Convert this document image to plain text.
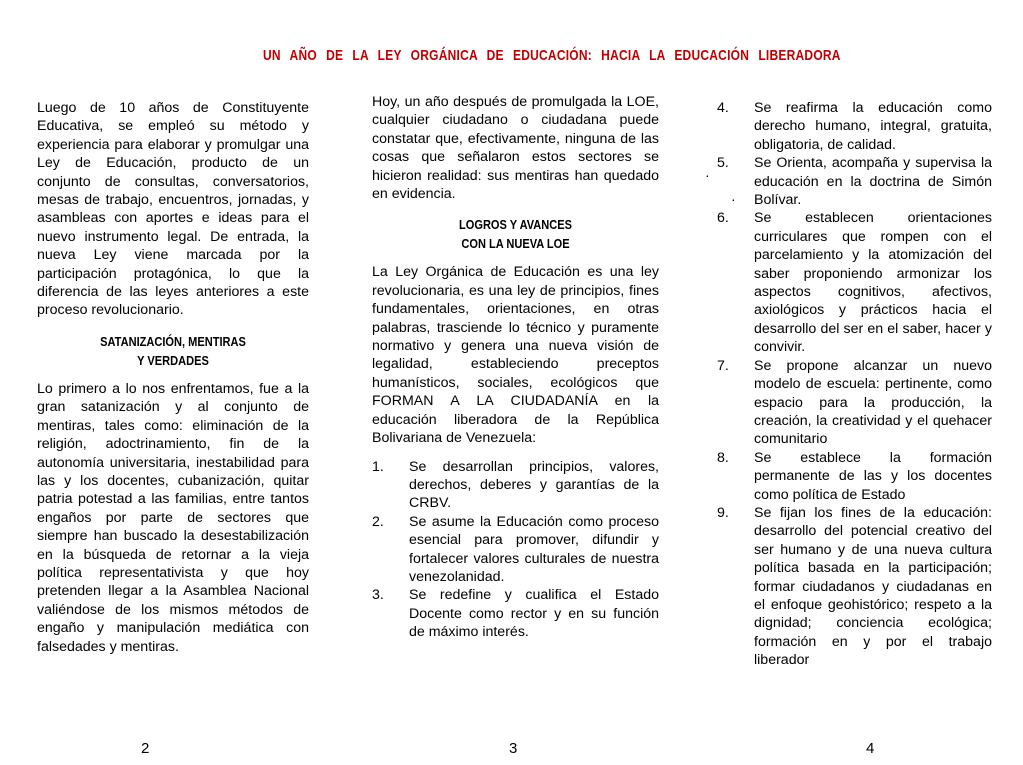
UN AÑO DE LA LEY ORGÁNICA DE EDUCACIÓN: HACIA LA EDUCACIÓN LIBERADORA

Luego de 10 años de Constituyente Educativa, se empleó su método y experiencia para elaborar y promulgar una Ley de Educación, producto de un conjunto de consultas, conversatorios, mesas de trabajo, encuentros, jornadas, y asambleas con aportes e ideas para el nuevo instrumento legal. De entrada, la nueva Ley viene marcada por la participación protagónica, lo que la diferencia de las leyes anteriores a este proceso revolucionario.

SATANIZACIÓN, MENTIRAS
Y VERDADES

Lo primero a lo nos enfrentamos, fue a la gran satanización y al conjunto de mentiras, tales como: eliminación de la religión, adoctrinamiento, fin de la autonomía universitaria, inestabilidad para las y los docentes, cubanización, quitar patria potestad a las familias, entre tantos engaños por parte de sectores que siempre han buscado la desestabilización en la búsqueda de retornar a la vieja política representativista y que hoy pretenden llegar a la Asamblea Nacional valiéndose de los mismos métodos de engaño y manipulación mediática con falsedades y mentiras.

Hoy, un año después de promulgada la LOE, cualquier ciudadano o ciudadana puede constatar que, efectivamente, ninguna de las cosas que señalaron estos sectores se hicieron realidad: sus mentiras han quedado en evidencia.

LOGROS Y AVANCES
CON LA NUEVA LOE

La Ley Orgánica de Educación es una ley revolucionaria, es una ley de principios, fines fundamentales, orientaciones, en otras palabras, trasciende lo técnico y puramente normativo y genera una nueva visión de legalidad, estableciendo preceptos humanísticos, sociales, ecológicos que FORMAN A LA CIUDADANÍA en la educación liberadora de la República Bolivariana de Venezuela:

1.	Se desarrollan principios, valores, derechos, deberes y garantías de la CRBV.
2.	Se asume la Educación como proceso esencial para promover, difundir y fortalecer valores culturales de nuestra venezolanidad.
3.	Se redefine y cualifica el Estado Docente como rector y en su función de máximo interés.
4.	Se reafirma la educación como derecho humano, integral, gratuita, obligatoria, de calidad.
5.	Se Orienta, acompaña y supervisa la educación en la doctrina de Simón Bolívar.
6.	Se establecen orientaciones curriculares que rompen con el parcelamiento y la atomización del saber proponiendo armonizar los aspectos cognitivos, afectivos, axiológicos y prácticos hacia el desarrollo del ser en el saber, hacer y convivir.
7.	Se propone alcanzar un nuevo modelo de escuela: pertinente, como espacio para la producción, la creación, la creatividad y el quehacer comunitario
8.	Se establece la formación permanente de las y los docentes como política de Estado
9.	Se fijan los fines de la educación: desarrollo del potencial creativo del ser humano y de una nueva cultura política basada en la participación; formar ciudadanos y ciudadanas en el enfoque geohistórico; respeto a la dignidad; conciencia ecológica; formación en y por el trabajo liberador
·
·
2	3	4
